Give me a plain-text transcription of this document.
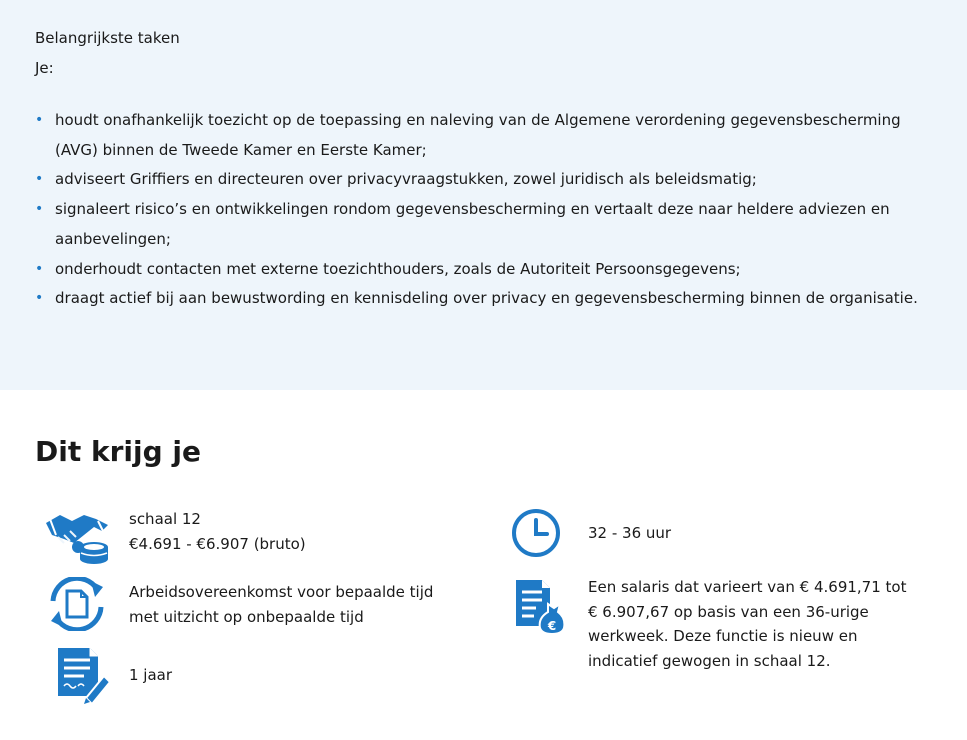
Belangrijkste taken
Je:
• houdt onafhankelijk toezicht op de toepassing en naleving van de Algemene verordening gegevensbescherming (AVG) binnen de Tweede Kamer en Eerste Kamer;
• adviseert Griffiers en directeuren over privacyvraagstukken, zowel juridisch als beleidsmatig;
• signaleert risico’s en ontwikkelingen rondom gegevensbescherming en vertaalt deze naar heldere adviezen en aanbevelingen;
• onderhoudt contacten met externe toezichthouders, zoals de Autoriteit Persoonsgegevens;
• draagt actief bij aan bewustwording en kennisdeling over privacy en gegevensbescherming binnen de organisatie.
Dit krijg je
schaal 12
€4.691 - €6.907 (bruto)
Arbeidsovereenkomst voor bepaalde tijd met uitzicht op onbepaalde tijd
1 jaar
32 - 36 uur
€
Een salaris dat varieert van € 4.691,71 tot € 6.907,67 op basis van een 36-urige werkweek. Deze functie is nieuw en indicatief gewogen in schaal 12.
